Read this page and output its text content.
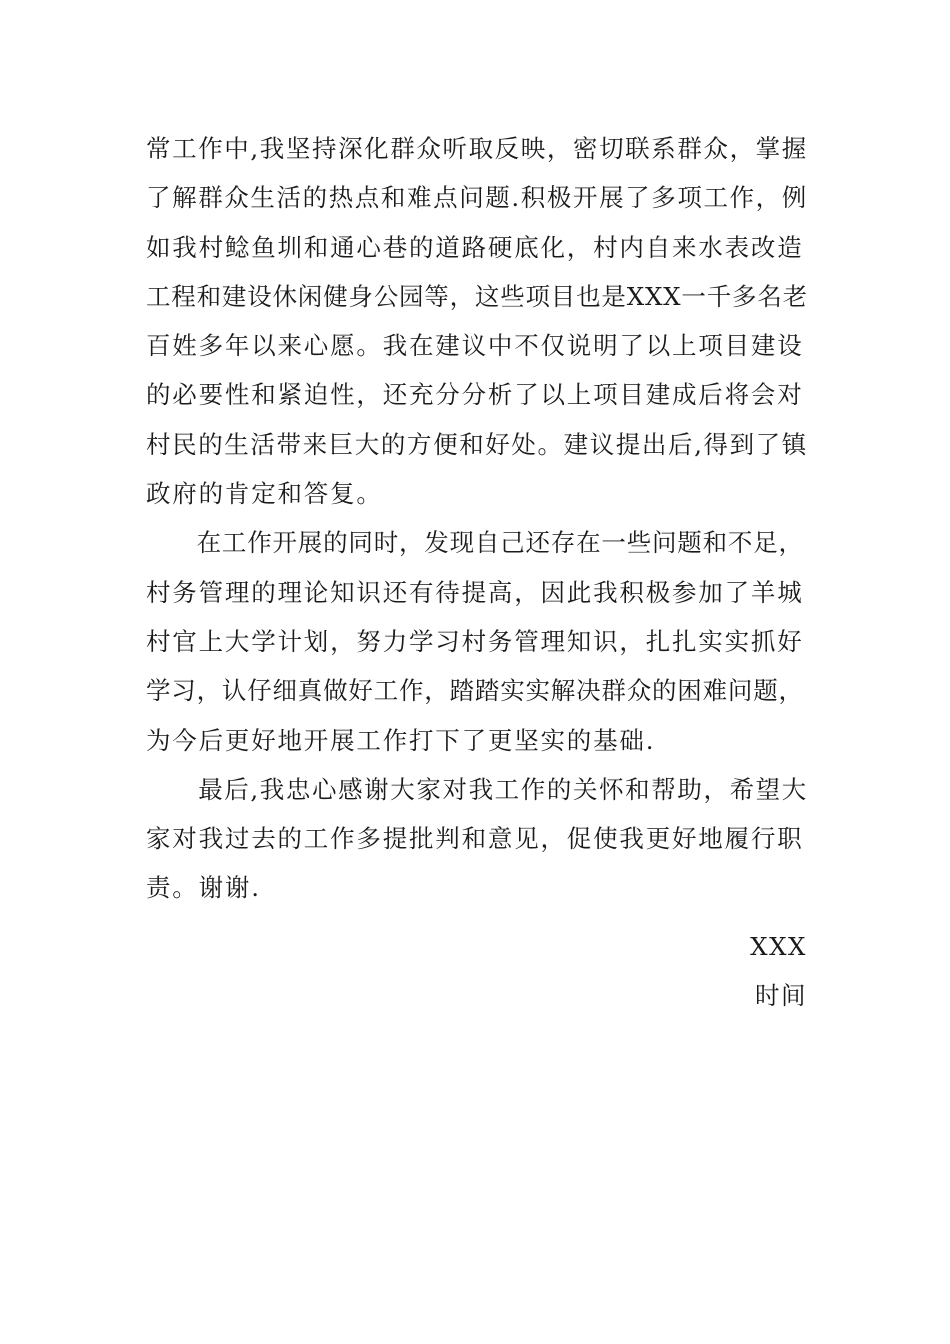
常工作中,我坚持深化群众听取反映，密切联系群众，掌握
了解群众生活的热点和难点问题.积极开展了多项工作，例
如我村鲶鱼圳和通心巷的道路硬底化，村内自来水表改造
工程和建设休闲健身公园等，这些项目也是XXX一千多名老
百姓多年以来心愿。我在建议中不仅说明了以上项目建设
的必要性和紧迫性，还充分分析了以上项目建成后将会对
村民的生活带来巨大的方便和好处。建议提出后,得到了镇
政府的肯定和答复。
　　在工作开展的同时，发现自己还存在一些问题和不足，
村务管理的理论知识还有待提高，因此我积极参加了羊城
村官上大学计划，努力学习村务管理知识，扎扎实实抓好
学习，认仔细真做好工作，踏踏实实解决群众的困难问题，
为今后更好地开展工作打下了更坚实的基础.
　　最后,我忠心感谢大家对我工作的关怀和帮助，希望大
家对我过去的工作多提批判和意见，促使我更好地履行职
责。谢谢.
XXX
时间
